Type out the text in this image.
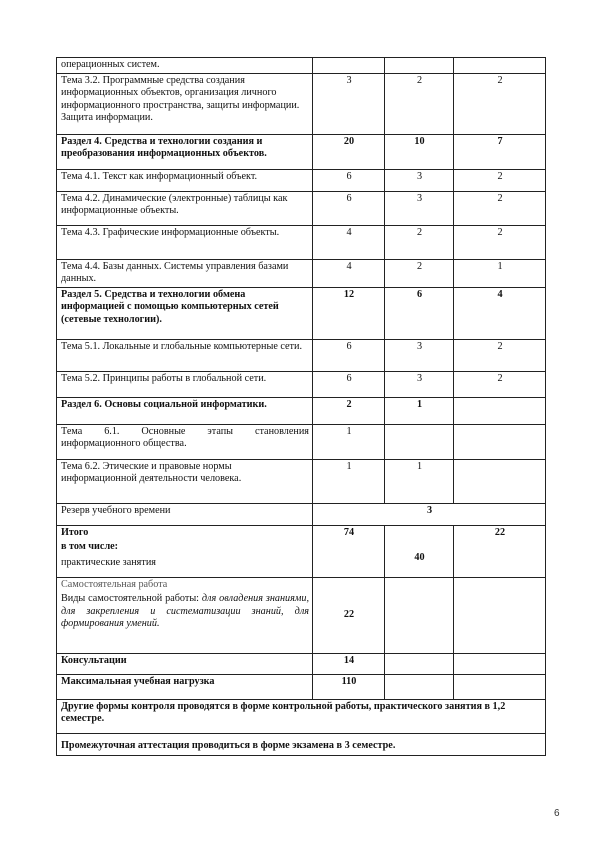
операционных систем.			
Тема 3.2. Программные средства создания информационных объектов, организация личного информационного пространства, защиты информации. Защита информации.	3	2	2
Раздел 4. Средства и технологии создания и преобразования информационных объектов.	20	10	7
Тема 4.1. Текст как информационный объект.	6	3	2
Тема 4.2. Динамические (электронные) таблицы как информационные объекты.	6	3	2
Тема 4.3. Графические информационные объекты.	4	2	2
Тема 4.4. Базы данных. Системы управления базами данных.	4	2	1
Раздел 5. Средства и технологии обмена информацией с помощью компьютерных сетей (сетевые технологии).	12	6	4
Тема 5.1. Локальные и глобальные компьютерные сети.	6	3	2
Тема 5.2. Принципы работы в глобальной сети.	6	3	2
Раздел 6. Основы социальной информатики.	2	1	
Тема 6.1. Основные этапы становления информационного общества.	1		
Тема 6.2. Этические и правовые нормы информационной деятельности человека.	1	1	
Резерв учебного времени	3		

Итого
в том числе:
практические занятия	74	40	22

Самостоятельная работа
Виды самостоятельной работы: для овладения знаниями, для закрепления и систематизации знаний, для формирования умений.	22		
Консультации	14		
Максимальная учебная нагрузка	110		
Другие формы контроля проводятся в форме контрольной работы, практического занятия в 1,2 семестре.			
Промежуточная аттестация проводиться в форме экзамена в 3 семестре.			
6
